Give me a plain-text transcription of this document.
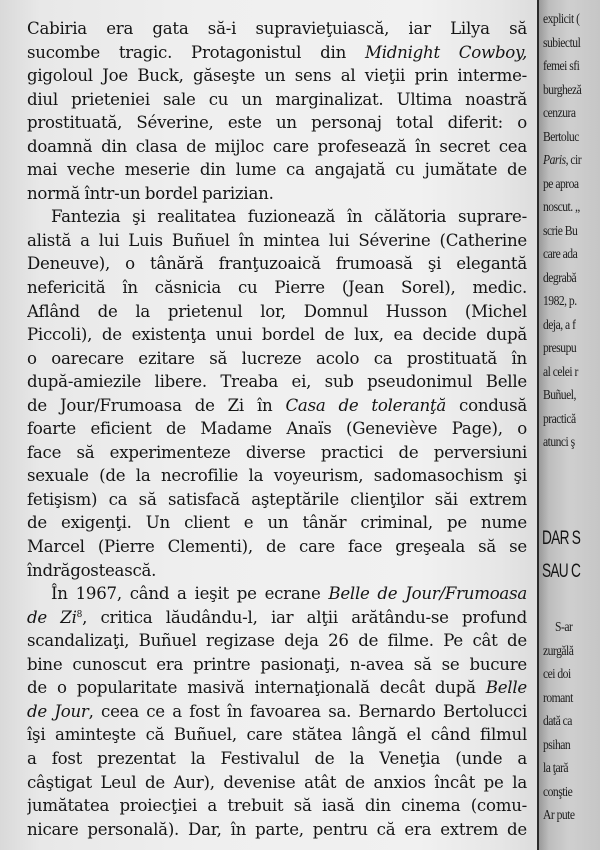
Cabiria era gata să-i supravieţuiască, iar Lilya să
sucombe tragic. Protagonistul din Midnight Cowboy,
gigoloul Joe Buck, găseşte un sens al vieţii prin interme-
diul prieteniei sale cu un marginalizat. Ultima noastră
prostituată, Séverine, este un personaj total diferit: o
doamnă din clasa de mijloc care profesează în secret cea
mai veche meserie din lume ca angajată cu jumătate de
normă într-un bordel parizian.
Fantezia şi realitatea fuzionează în călătoria suprare-
alistă a lui Luis Buñuel în mintea lui Séverine (Catherine
Deneuve), o tânără franţuzoaică frumoasă şi elegantă
nefericită în căsnicia cu Pierre (Jean Sorel), medic.
Aflând de la prietenul lor, Domnul Husson (Michel
Piccoli), de existenţa unui bordel de lux, ea decide după
o oarecare ezitare să lucreze acolo ca prostituată în
după-amiezile libere. Treaba ei, sub pseudonimul Belle
de Jour/Frumoasa de Zi în Casa de toleranţă condusă
foarte eficient de Madame Anaïs (Geneviève Page), o
face să experimenteze diverse practici de perversiuni
sexuale (de la necrofilie la voyeurism, sadomasochism şi
fetişism) ca să satisfacă aşteptările clienţilor săi extrem
de exigenţi. Un client e un tânăr criminal, pe nume
Marcel (Pierre Clementi), de care face greşeala să se
îndrăgostească.
În 1967, când a ieşit pe ecrane Belle de Jour/Frumoasa
de Zi$^8$, critica lăudându-l, iar alţii arătându-se profund
scandalizaţi, Buñuel regizase deja 26 de filme. Pe cât de
bine cunoscut era printre pasionaţi, n-avea să se bucure
de o popularitate masivă internaţională decât după Belle
de Jour, ceea ce a fost în favoarea sa. Bernardo Bertolucci
îşi aminteşte că Buñuel, care stătea lângă el când filmul
a fost prezentat la Festivalul de la Veneţia (unde a
câştigat Leul de Aur), devenise atât de anxios încât pe la
jumătatea proiecţiei a trebuit să iasă din cinema (comu-
nicare personală). Dar, în parte, pentru că era extrem de
explicit (
subiectul
femei sfi
burgheză
cenzura
Bertoluc
Paris, cir
pe aproa
noscut. „
scrie Bu
care ada
degrabă
1982, p.
deja, a f
presupu
al celei r
Buñuel,
practică
atunci ş
DAR S
SAU C
S-ar
zurgălă
cei doi
romant
dată ca
psihan
la ţară
conştie
Ar pute
